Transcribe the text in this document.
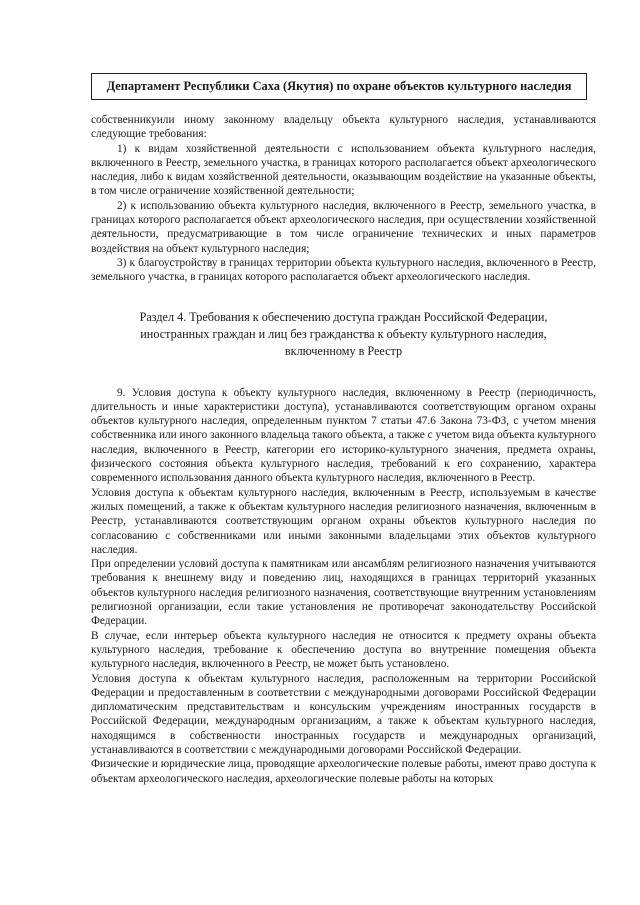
Департамент Республики Саха (Якутия) по охране объектов культурного наследия

собственникуили иному законному владельцу объекта культурного наследия, устанавливаются следующие требования:

1) к видам хозяйственной деятельности с использованием объекта культурного наследия, включенного в Реестр, земельного участка, в границах которого располагается объект археологического наследия, либо к видам хозяйственной деятельности, оказывающим воздействие на указанные объекты, в том числе ограничение хозяйственной деятельности;

2) к использованию объекта культурного наследия, включенного в Реестр, земельного участка, в границах которого располагается объект археологического наследия, при осуществлении хозяйственной деятельности, предусматривающие в том числе ограничение технических и иных параметров воздействия на объект культурного наследия;

3) к благоустройству в границах территории объекта культурного наследия, включенного в Реестр, земельного участка, в границах которого располагается объект археологического наследия.

Раздел 4. Требования к обеспечению доступа граждан Российской Федерации,
иностранных граждан и лиц без гражданства к объекту культурного наследия,
включенному в Реестр

9. Условия доступа к объекту культурного наследия, включенному в Реестр (периодичность, длительность и иные характеристики доступа), устанавливаются соответствующим органом охраны объектов культурного наследия, определенным пунктом 7 статьи 47.6 Закона 73-ФЗ, с учетом мнения собственника или иного законного владельца такого объекта, а также с учетом вида объекта культурного наследия, включенного в Реестр, категории его историко-культурного значения, предмета охраны, физического состояния объекта культурного наследия, требований к его сохранению, характера современного использования данного объекта культурного наследия, включенного в Реестр.

Условия доступа к объектам культурного наследия, включенным в Реестр, используемым в качестве жилых помещений, а также к объектам культурного наследия религиозного назначения, включенным в Реестр, устанавливаются соответствующим органом охраны объектов культурного наследия по согласованию с собственниками или иными законными владельцами этих объектов культурного наследия.

При определении условий доступа к памятникам или ансамблям религиозного назначения учитываются требования к внешнему виду и поведению лиц, находящихся в границах территорий указанных объектов культурного наследия религиозного назначения, соответствующие внутренним установлениям религиозной организации, если такие установления не противоречат законодательству Российской Федерации.

В случае, если интерьер объекта культурного наследия не относится к предмету охраны объекта культурного наследия, требование к обеспечению доступа во внутренние помещения объекта культурного наследия, включенного в Реестр, не может быть установлено.

Условия доступа к объектам культурного наследия, расположенным на территории Российской Федерации и предоставленным в соответствии с международными договорами Российской Федерации дипломатическим представительствам и консульским учреждениям иностранных государств в Российской Федерации, международным организациям, а также к объектам культурного наследия, находящимся в собственности иностранных государств и международных организаций, устанавливаются в соответствии с международными договорами Российской Федерации.

Физические и юридические лица, проводящие археологические полевые работы, имеют право доступа к объектам археологического наследия, археологические полевые работы на которых
